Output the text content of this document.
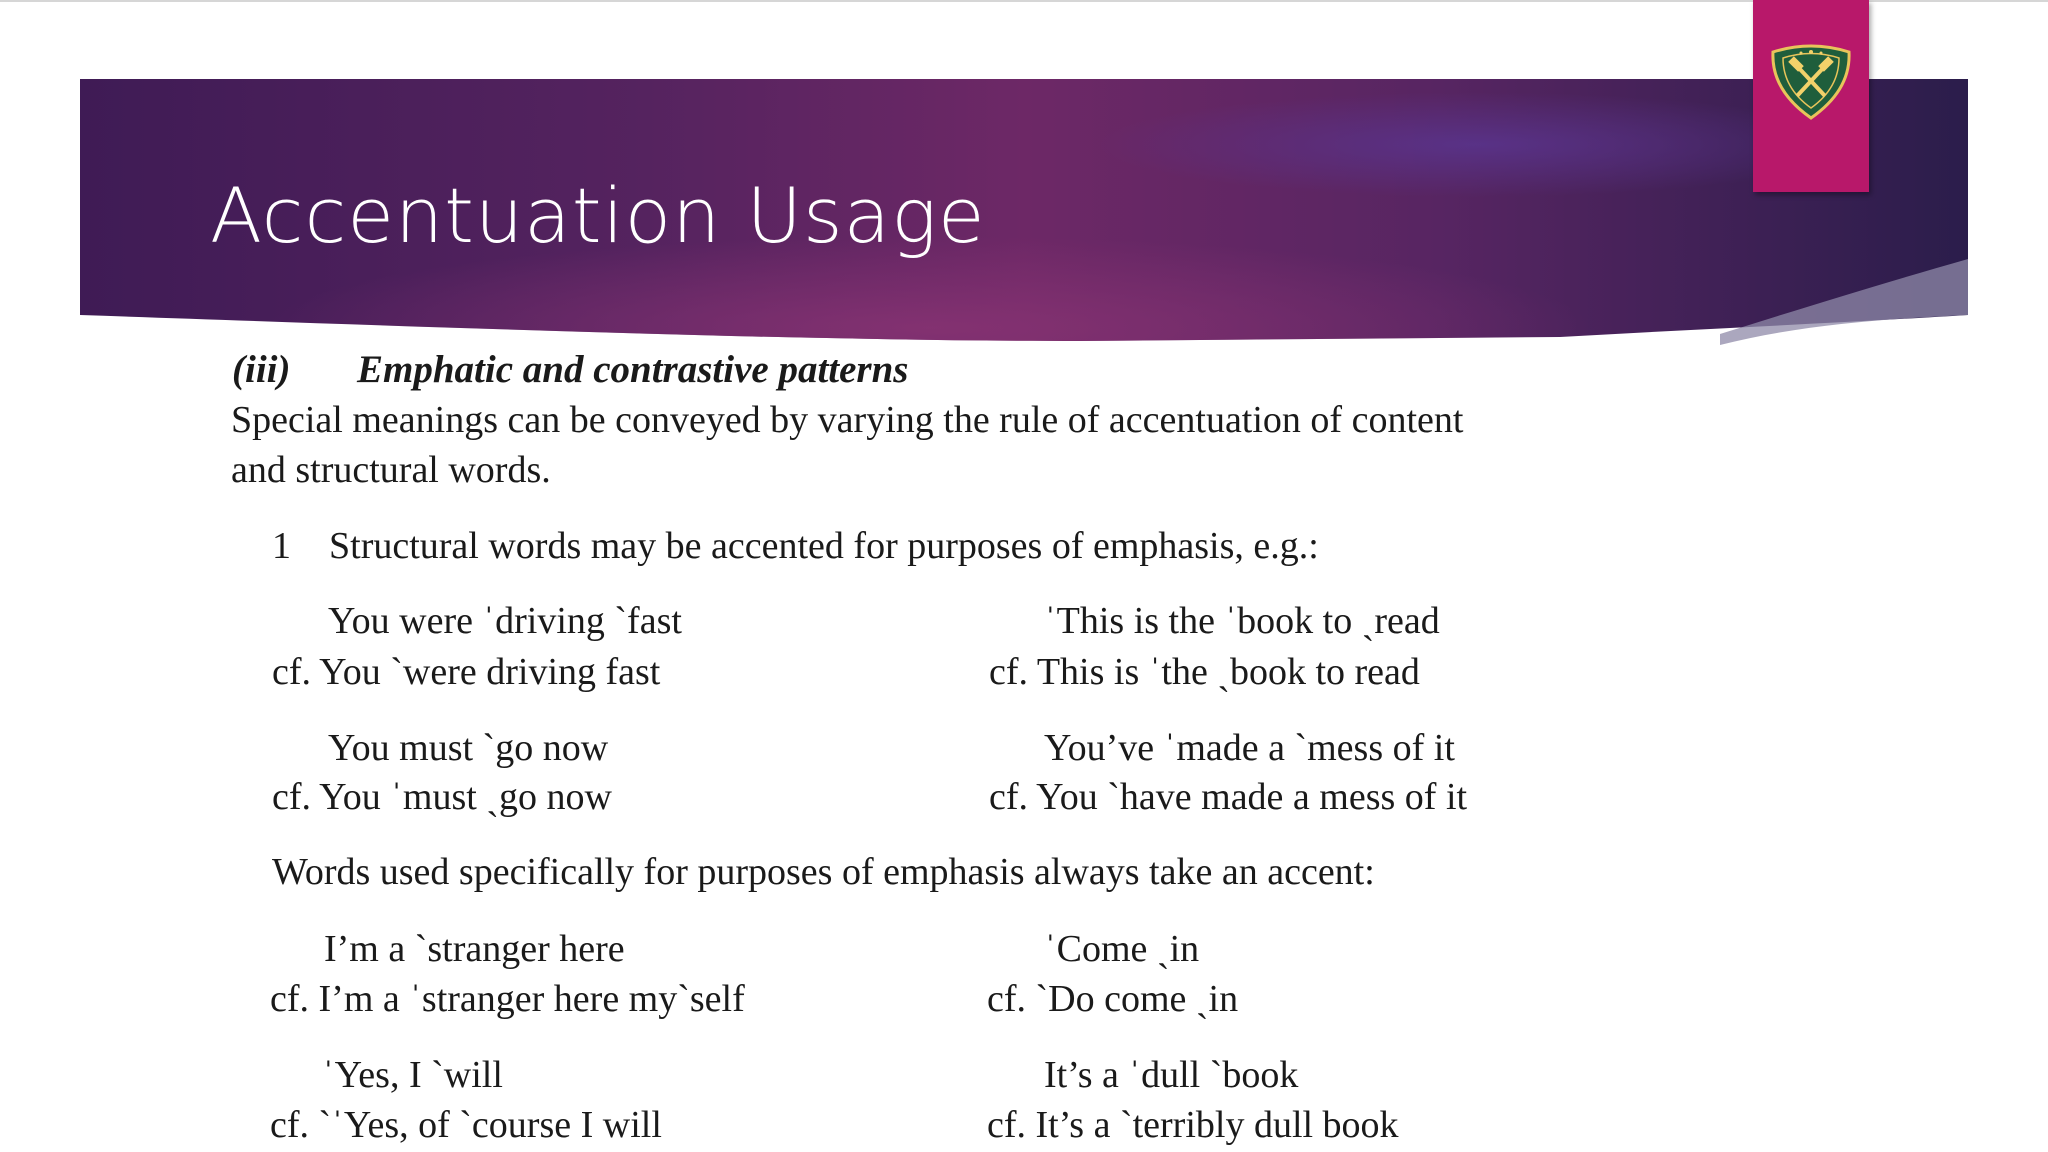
Accentuation Usage
(iii) Emphatic and contrastive patterns
Special meanings can be conveyed by varying the rule of accentuation of content
and structural words.
1    Structural words may be accented for purposes of emphasis, e.g.:
You were ˈdriving ˋfast
cf. You ˋwere driving fast
ˈThis is the ˈbook to ˏread
cf. This is ˈthe ˏbook to read
You must ˋgo now
cf. You ˈmust ˏgo now
You’ve ˈmade a ˋmess of it
cf. You ˋhave made a mess of it
Words used specifically for purposes of emphasis always take an accent:
I’m a ˋstranger here
cf. I’m a ˈstranger here myˋself
ˈCome ˏin
cf. ˋDo come ˏin
ˈYes, I ˋwill
cf. ˋˈYes, of ˋcourse I will
It’s a ˈdull ˋbook
cf. It’s a ˋterribly dull book
